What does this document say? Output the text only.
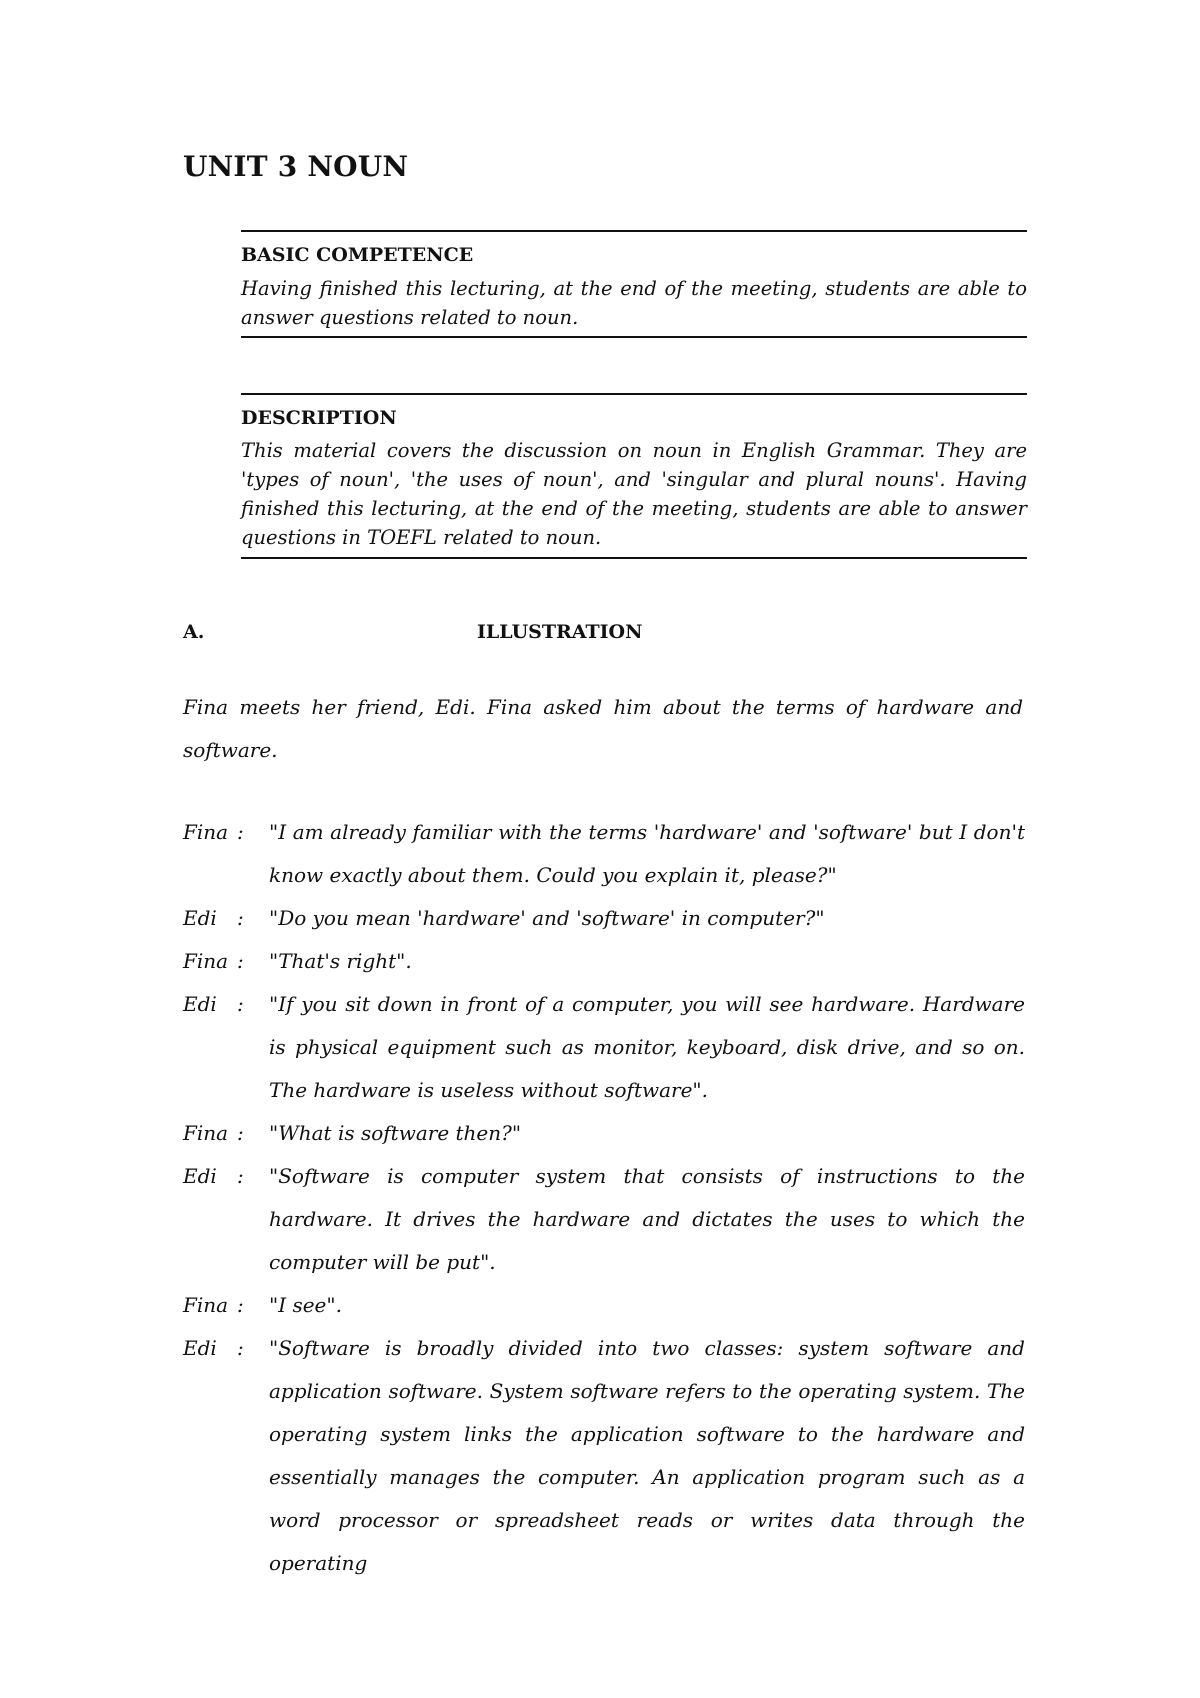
UNIT 3 NOUN
BASIC COMPETENCE
Having finished this lecturing, at the end of the meeting, students are able to answer questions related to noun.
DESCRIPTION
This material covers the discussion on noun in English Grammar. They are 'types of noun', 'the uses of noun', and 'singular and plural nouns'. Having finished this lecturing, at the end of the meeting, students are able to answer questions in TOEFL related to noun.
A.	ILLUSTRATION
Fina meets her friend, Edi. Fina asked him about the terms of hardware and software.
Fina :	"I am already familiar with the terms 'hardware' and 'software' but I don't know exactly about them. Could you explain it, please?"
Edi	:	"Do you mean 'hardware' and 'software' in computer?"
Fina :	"That's right".
Edi	:	"If you sit down in front of a computer, you will see hardware. Hardware is physical equipment such as monitor, keyboard, disk drive, and so on. The hardware is useless without software".
Fina :	"What is software then?"
Edi	:	"Software is computer system that consists of instructions to the hardware. It drives the hardware and dictates the uses to which the computer will be put".
Fina :	"I see".
Edi	:	"Software is broadly divided into two classes: system software and application software. System software refers to the operating system. The operating system links the application software to the hardware and essentially manages the computer. An application program such as a word processor or spreadsheet reads or writes data through the operating
